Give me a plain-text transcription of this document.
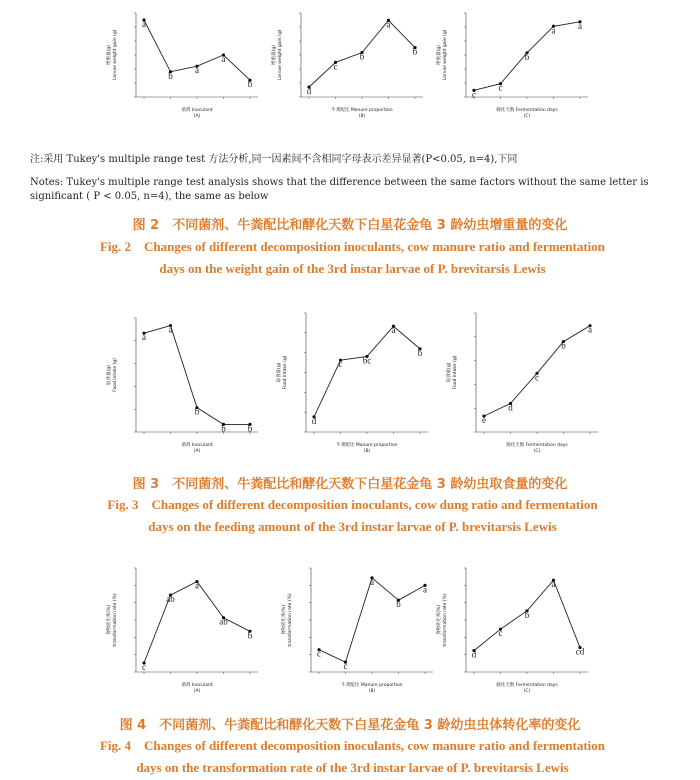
a
b
a
a
b
菌剂 Inoculant
(A)
增重量(g) Larvae weight gain (g)
d
c
b
a
b
牛粪配比 Manure proportion
(B)
增重量(g) Larvae weight gain (g)
c
c
b
a	a
腐化天数 Fermentation days
(C)
增重量(g) Larvae weight gain (g)
注:采用 Tukey's multiple range test 方法分析,同一因素间不含相同字母表示差异显著(P<0.05, n=4),下同
Notes: Tukey's multiple range test analysis shows that the difference between the same factors without the same letter is significant ( P < 0.05, n=4), the same as below
图 2　不同菌剂、牛粪配比和酵化天数下白星花金龟 3 龄幼虫增重量的变化
Fig. 2　Changes of different decomposition inoculants, cow manure ratio and fermentation
days on the weight gain of the 3rd instar larvae of P. brevitarsis Lewis
a
a
b
b b
菌剂 Inoculant
(A)
取食量(g) Food intake (g)
d
c bc
a
b
牛粪配比 Manure proportion
(B)
取食量(g) Food intake (g)
e
d
c
b
a
腐化天数 Fermentation days
(C)
取食量(g) Food intake (g)
图 3　不同菌剂、牛粪配比和酵化天数下白星花金龟 3 龄幼虫取食量的变化
Fig. 3　Changes of different decomposition inoculants, cow dung ratio and fermentation
days on the feeding amount of the 3rd instar larvae of P. brevitarsis Lewis
c
ab
a
ab
b
菌剂 Inoculant
(A)
食物转化率(%) transformation rate (%)
c
c
a
b
a
牛粪配比 Manure proportion
(B)
食物转化率(%) transformation rate (%)
d
c
b
a
cd
腐化天数 Fermentation days
(C)
食物转化率(%) transformation rate (%)
图 4　不同菌剂、牛粪配比和酵化天数下白星花金龟 3 龄幼虫虫体转化率的变化
Fig. 4　Changes of different decomposition inoculants, cow manure ratio and fermentation
days on the transformation rate of the 3rd instar larvae of P. brevitarsis Lewis
